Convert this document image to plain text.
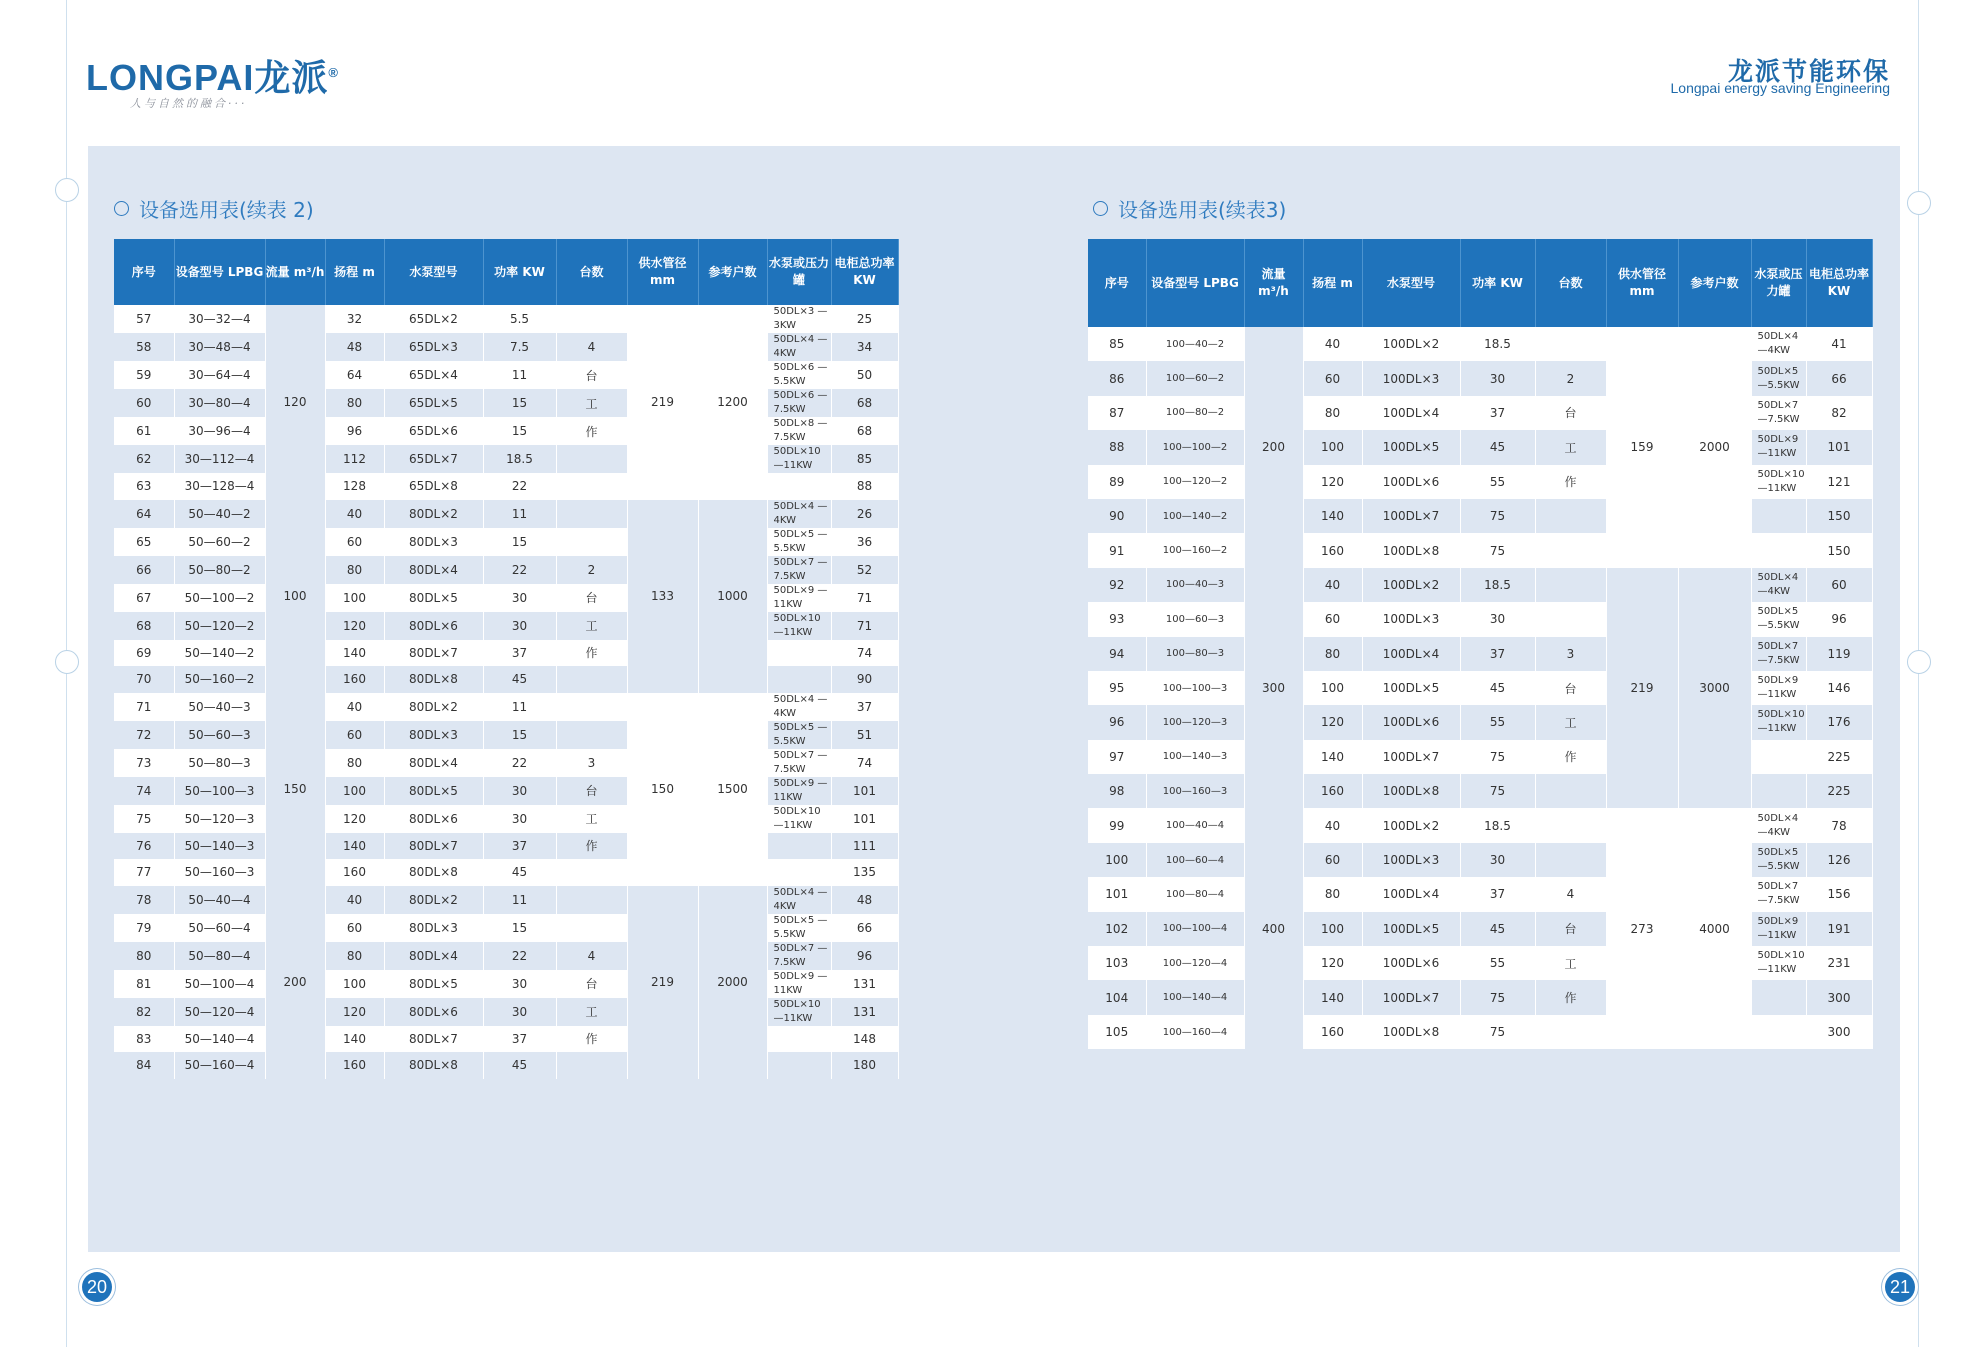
LONGPAI龙派®
人与自然的融合···
龙派节能环保
Longpai energy saving Engineering
设备选用表(续表 2)	设备选用表(续表3)
序号	设备型号 LPBG	流量 m³/h	扬程 m	水泵型号	功率 KW	台数	供水管径 mm	参考户数	水泵或压力罐	电柜总功率 KW
57	30—32—4	120	32	65DL×2	5.5		219	1200	50DL×3 —3KW	25
58	30—48—4		48	65DL×3	7.5	4			50DL×4 —4KW	34
59	30—64—4		64	65DL×4	11	台			50DL×6 —5.5KW	50
60	30—80—4		80	65DL×5	15	工			50DL×6 —7.5KW	68
61	30—96—4		96	65DL×6	15	作			50DL×8 —7.5KW	68
62	30—112—4		112	65DL×7	18.5				50DL×10 —11KW	85
63	30—128—4		128	65DL×8	22					88
64	50—40—2	100	40	80DL×2	11		133	1000	50DL×4 —4KW	26
65	50—60—2		60	80DL×3	15				50DL×5 —5.5KW	36
66	50—80—2		80	80DL×4	22	2			50DL×7 —7.5KW	52
67	50—100—2		100	80DL×5	30	台			50DL×9 —11KW	71
68	50—120—2		120	80DL×6	30	工			50DL×10 —11KW	71
69	50—140—2		140	80DL×7	37	作				74
70	50—160—2		160	80DL×8	45					90
71	50—40—3	150	40	80DL×2	11		150	1500	50DL×4 —4KW	37
72	50—60—3		60	80DL×3	15				50DL×5 —5.5KW	51
73	50—80—3		80	80DL×4	22	3			50DL×7 —7.5KW	74
74	50—100—3		100	80DL×5	30	台			50DL×9 —11KW	101
75	50—120—3		120	80DL×6	30	工			50DL×10 —11KW	101
76	50—140—3		140	80DL×7	37	作				111
77	50—160—3		160	80DL×8	45					135
78	50—40—4	200	40	80DL×2	11		219	2000	50DL×4 —4KW	48
79	50—60—4		60	80DL×3	15				50DL×5 —5.5KW	66
80	50—80—4		80	80DL×4	22	4			50DL×7 —7.5KW	96
81	50—100—4		100	80DL×5	30	台			50DL×9 —11KW	131
82	50—120—4		120	80DL×6	30	工			50DL×10 —11KW	131
83	50—140—4		140	80DL×7	37	作				148
84	50—160—4		160	80DL×8	45					180
序号	设备型号 LPBG	流量 m³/h	扬程 m	水泵型号	功率 KW	台数	供水管径 mm	参考户数	水泵或压力罐	电柜总功率 KW
85	100—40—2	200	40	100DL×2	18.5		159	2000	50DL×4 —4KW	41
86	100—60—2		60	100DL×3	30	2			50DL×5 —5.5KW	66
87	100—80—2		80	100DL×4	37	台			50DL×7 —7.5KW	82
88	100—100—2		100	100DL×5	45	工			50DL×9 —11KW	101
89	100—120—2		120	100DL×6	55	作			50DL×10 —11KW	121
90	100—140—2		140	100DL×7	75					150
91	100—160—2		160	100DL×8	75					150
92	100—40—3	300	40	100DL×2	18.5		219	3000	50DL×4 —4KW	60
93	100—60—3		60	100DL×3	30				50DL×5 —5.5KW	96
94	100—80—3		80	100DL×4	37	3			50DL×7 —7.5KW	119
95	100—100—3		100	100DL×5	45	台			50DL×9 —11KW	146
96	100—120—3		120	100DL×6	55	工			50DL×10 —11KW	176
97	100—140—3		140	100DL×7	75	作				225
98	100—160—3		160	100DL×8	75					225
99	100—40—4	400	40	100DL×2	18.5		273	4000	50DL×4 —4KW	78
100	100—60—4		60	100DL×3	30				50DL×5 —5.5KW	126
101	100—80—4		80	100DL×4	37	4			50DL×7 —7.5KW	156
102	100—100—4		100	100DL×5	45	台			50DL×9 —11KW	191
103	100—120—4		120	100DL×6	55	工			50DL×10 —11KW	231
104	100—140—4		140	100DL×7	75	作				300
105	100—160—4		160	100DL×8	75					300
20	21
